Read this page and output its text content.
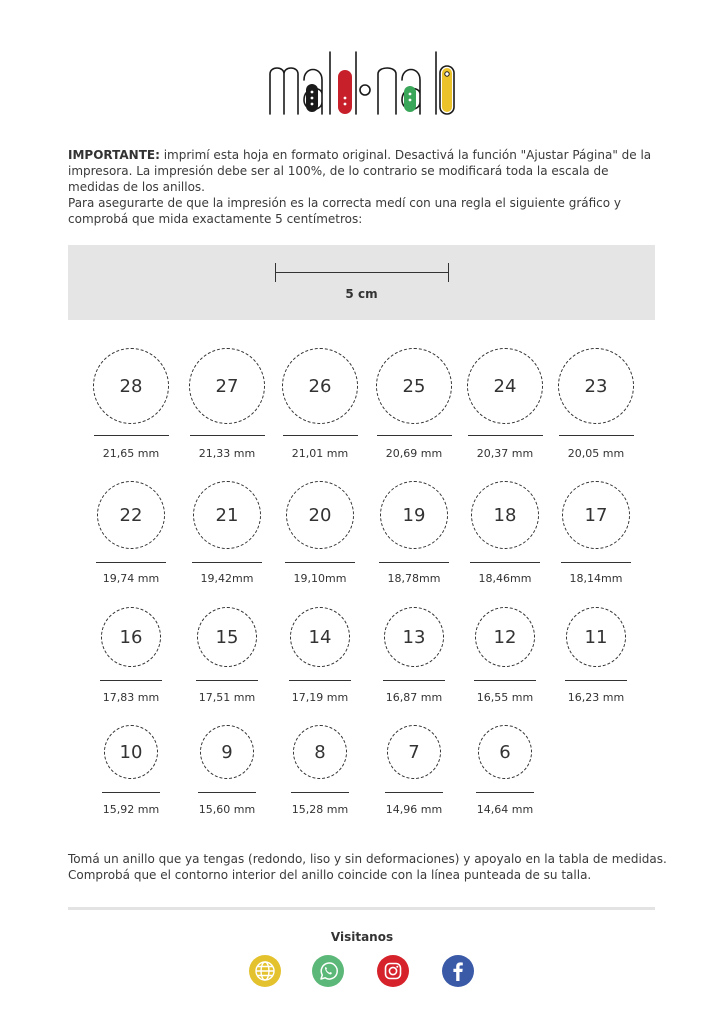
IMPORTANTE: imprimí esta hoja en formato original. Desactivá la función "Ajustar Página" de la impresora. La impresión debe ser al 100%, de lo contrario se modificará toda la escala de medidas de los anillos.

Para asegurarte de que la impresión es la correcta medí con una regla el siguiente gráfico y comprobá que mida exactamente 5 centímetros:

5 cm
28
21,65 mm
27
21,33 mm
26
21,01 mm
25
20,69 mm
24
20,37 mm
23
20,05 mm
22
19,74 mm
21
19,42mm
20
19,10mm
19
18,78mm
18
18,46mm
17
18,14mm
16
17,83 mm
15
17,51 mm
14
17,19 mm
13
16,87 mm
12
16,55 mm
11
16,23 mm
10
15,92 mm
9
15,60 mm
8
15,28 mm
7
14,96 mm
6
14,64 mm

Tomá un anillo que ya tengas (redondo, liso y sin deformaciones) y apoyalo en la tabla de medidas.

Comprobá que el contorno interior del anillo coincide con la línea punteada de su talla.

Visitanos
